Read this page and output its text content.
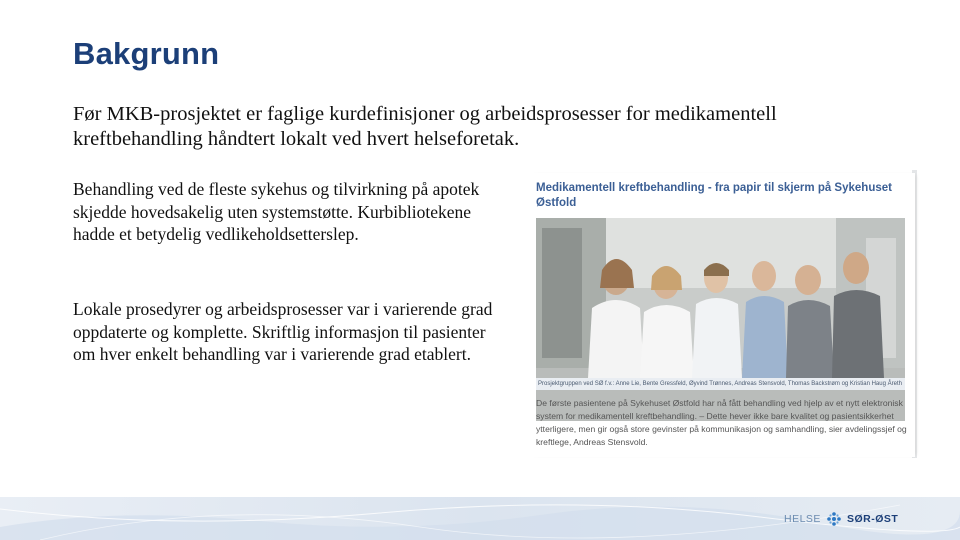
Bakgrunn
Før MKB-prosjektet er faglige kurdefinisjoner og arbeidsprosesser for medikamentell kreftbehandling håndtert lokalt ved hvert helseforetak.
Behandling ved de fleste sykehus og tilvirkning på apotek skjedde hovedsakelig uten systemstøtte. Kurbibliotekene hadde et betydelig vedlikeholdsetterslep.
Lokale prosedyrer og arbeidsprosesser var i varierende grad oppdaterte og komplette. Skriftlig informasjon til pasienter om hver enkelt behandling var i varierende grad etablert.
Medikamentell kreftbehandling - fra papir til skjerm på Sykehuset Østfold
Prosjektgruppen ved SØ f.v.: Anne Lie, Bente Gressfeld, Øyvind Trønnes, Andreas Stensvold, Thomas Backstrøm og Kristian Haug Åreth
De første pasientene på Sykehuset Østfold har nå fått behandling ved hjelp av et nytt elektronisk system for medikamentell kreftbehandling. – Dette hever ikke bare kvalitet og pasientsikkerhet ytterligere, men gir også store gevinster på kommunikasjon og samhandling, sier avdelingssjef og kreftlege, Andreas Stensvold.
HELSE SØR-ØST
